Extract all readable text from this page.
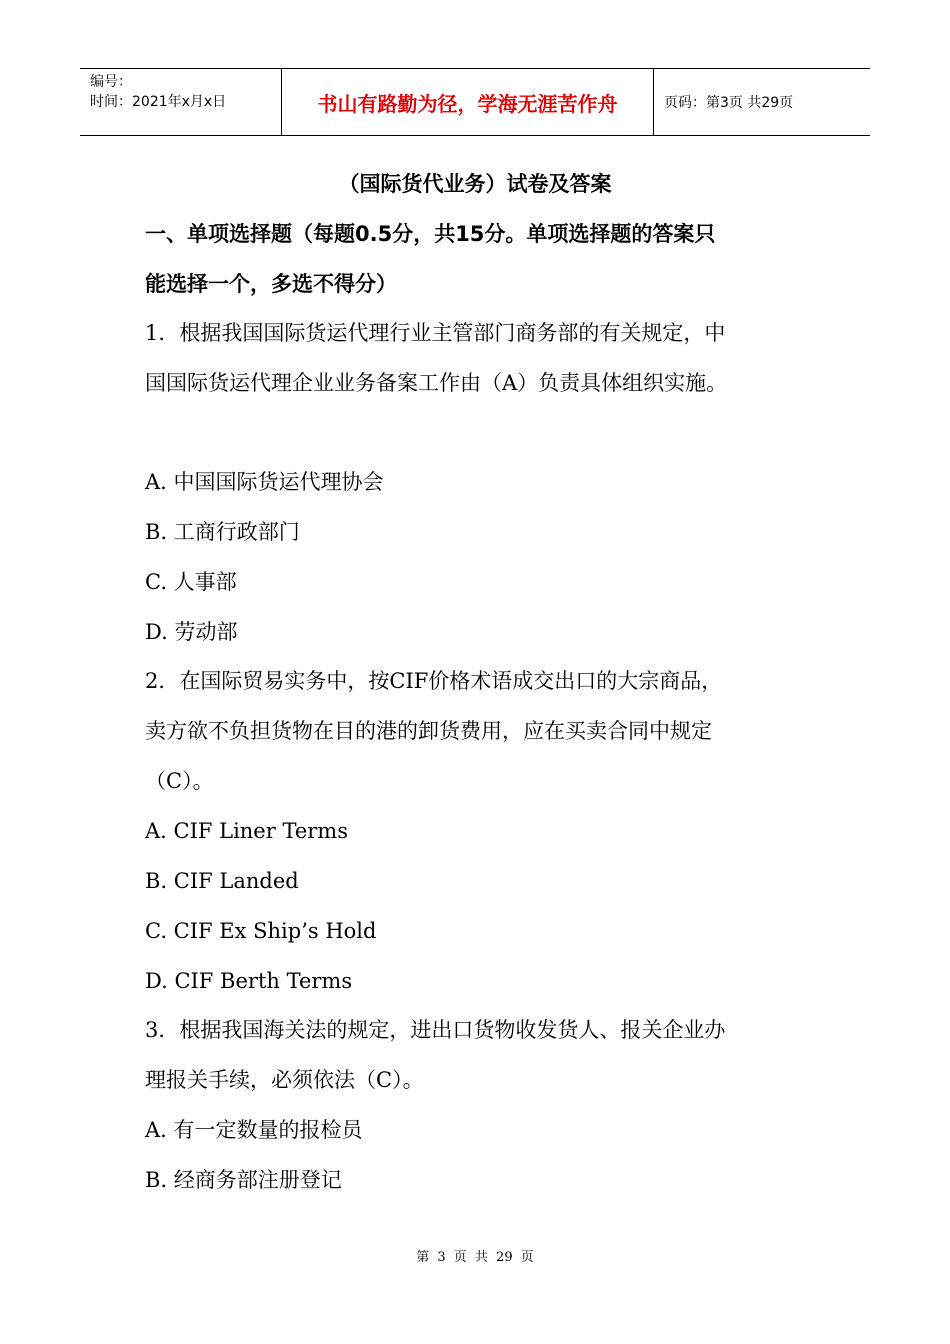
编号：
时间：2021年x月x日	书山有路勤为径，学海无涯苦作舟	页码：第3页 共29页
（国际货代业务）试卷及答案
一、单项选择题（每题0.5分，共15分。单项选择题的答案只
能选择一个，多选不得分）
1．根据我国国际货运代理行业主管部门商务部的有关规定，中
国国际货运代理企业业务备案工作由（A）负责具体组织实施。
A. 中国国际货运代理协会
B. 工商行政部门
C. 人事部
D. 劳动部
2．在国际贸易实务中，按CIF价格术语成交出口的大宗商品，
卖方欲不负担货物在目的港的卸货费用，应在买卖合同中规定
（C）。
A. CIF Liner Terms
B. CIF Landed
C. CIF Ex Ship’s Hold
D. CIF Berth Terms
3．根据我国海关法的规定，进出口货物收发货人、报关企业办
理报关手续，必须依法（C）。
A. 有一定数量的报检员
B. 经商务部注册登记
第 3 页 共 29 页
